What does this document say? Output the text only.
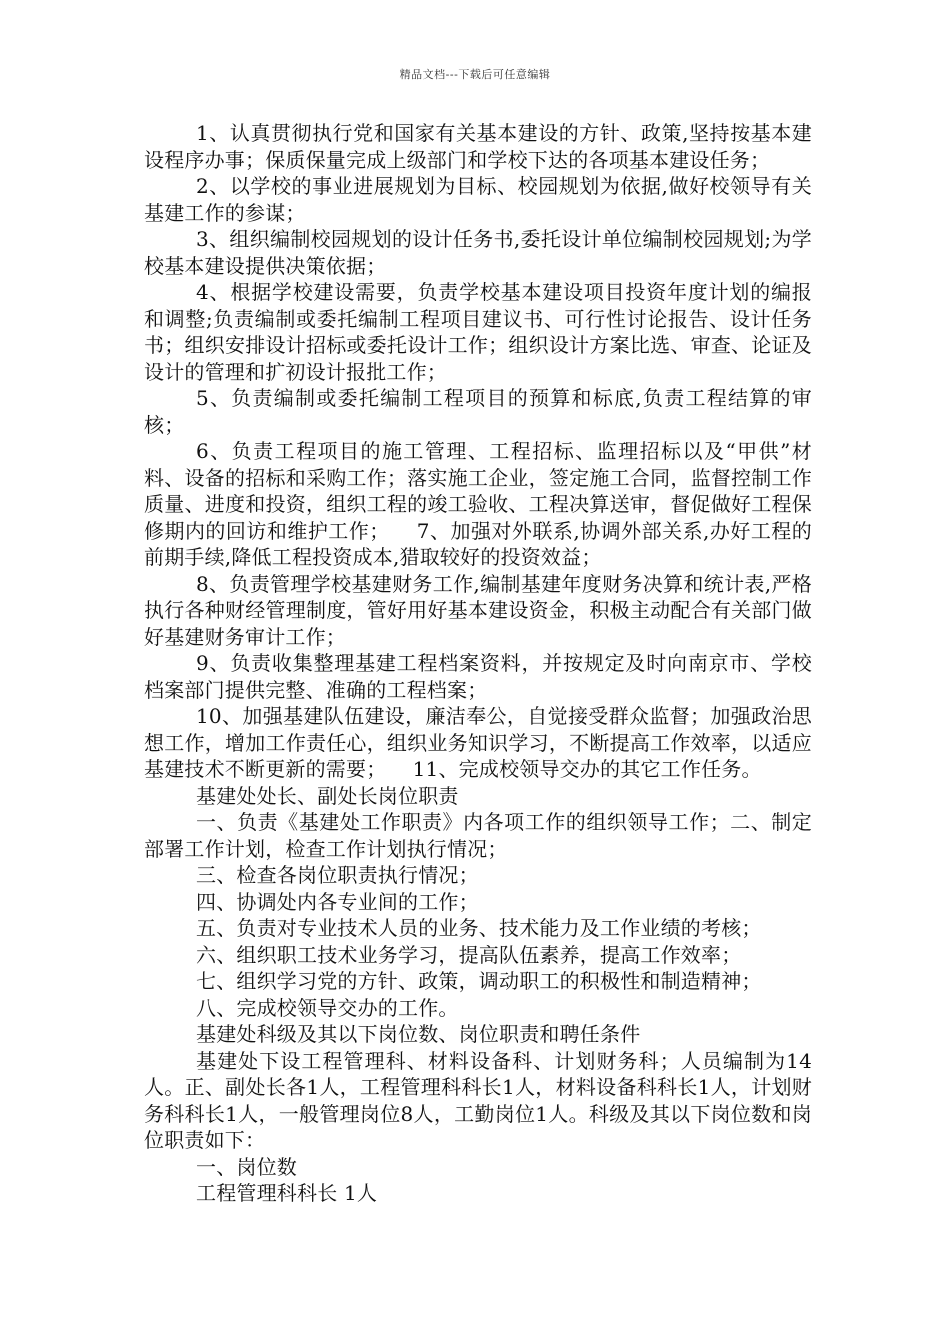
精品文档---下载后可任意编辑

1、认真贯彻执行党和国家有关基本建设的方针、政策,坚持按基本建设程序办事；保质保量完成上级部门和学校下达的各项基本建设任务；

2、以学校的事业进展规划为目标、校园规划为依据,做好校领导有关基建工作的参谋；

3、组织编制校园规划的设计任务书,委托设计单位编制校园规划;为学校基本建设提供决策依据；

4、根据学校建设需要，负责学校基本建设项目投资年度计划的编报和调整;负责编制或委托编制工程项目建议书、可行性讨论报告、设计任务书；组织安排设计招标或委托设计工作；组织设计方案比选、审查、论证及设计的管理和扩初设计报批工作；

5、负责编制或委托编制工程项目的预算和标底,负责工程结算的审核；

6、负责工程项目的施工管理、工程招标、监理招标以及“甲供”材料、设备的招标和采购工作；落实施工企业，签定施工合同，监督控制工作质量、进度和投资，组织工程的竣工验收、工程决算送审，督促做好工程保修期内的回访和维护工作；    7、加强对外联系,协调外部关系,办好工程的前期手续,降低工程投资成本,猎取较好的投资效益；

8、负责管理学校基建财务工作,编制基建年度财务决算和统计表,严格执行各种财经管理制度，管好用好基本建设资金，积极主动配合有关部门做好基建财务审计工作；

9、负责收集整理基建工程档案资料，并按规定及时向南京市、学校档案部门提供完整、准确的工程档案；

10、加强基建队伍建设，廉洁奉公，自觉接受群众监督；加强政治思想工作，增加工作责任心，组织业务知识学习，不断提高工作效率，以适应基建技术不断更新的需要；    11、完成校领导交办的其它工作任务。

基建处处长、副处长岗位职责

一、负责《基建处工作职责》内各项工作的组织领导工作；二、制定部署工作计划，检查工作计划执行情况；

三、检查各岗位职责执行情况；

四、协调处内各专业间的工作；

五、负责对专业技术人员的业务、技术能力及工作业绩的考核；

六、组织职工技术业务学习，提高队伍素养，提高工作效率；

七、组织学习党的方针、政策，调动职工的积极性和制造精神；

八、完成校领导交办的工作。

基建处科级及其以下岗位数、岗位职责和聘任条件

基建处下设工程管理科、材料设备科、计划财务科；人员编制为14人。正、副处长各1人，工程管理科科长1人，材料设备科科长1人，计划财务科科长1人，一般管理岗位8人，工勤岗位1人。科级及其以下岗位数和岗位职责如下：

一、岗位数

工程管理科科长 1人
